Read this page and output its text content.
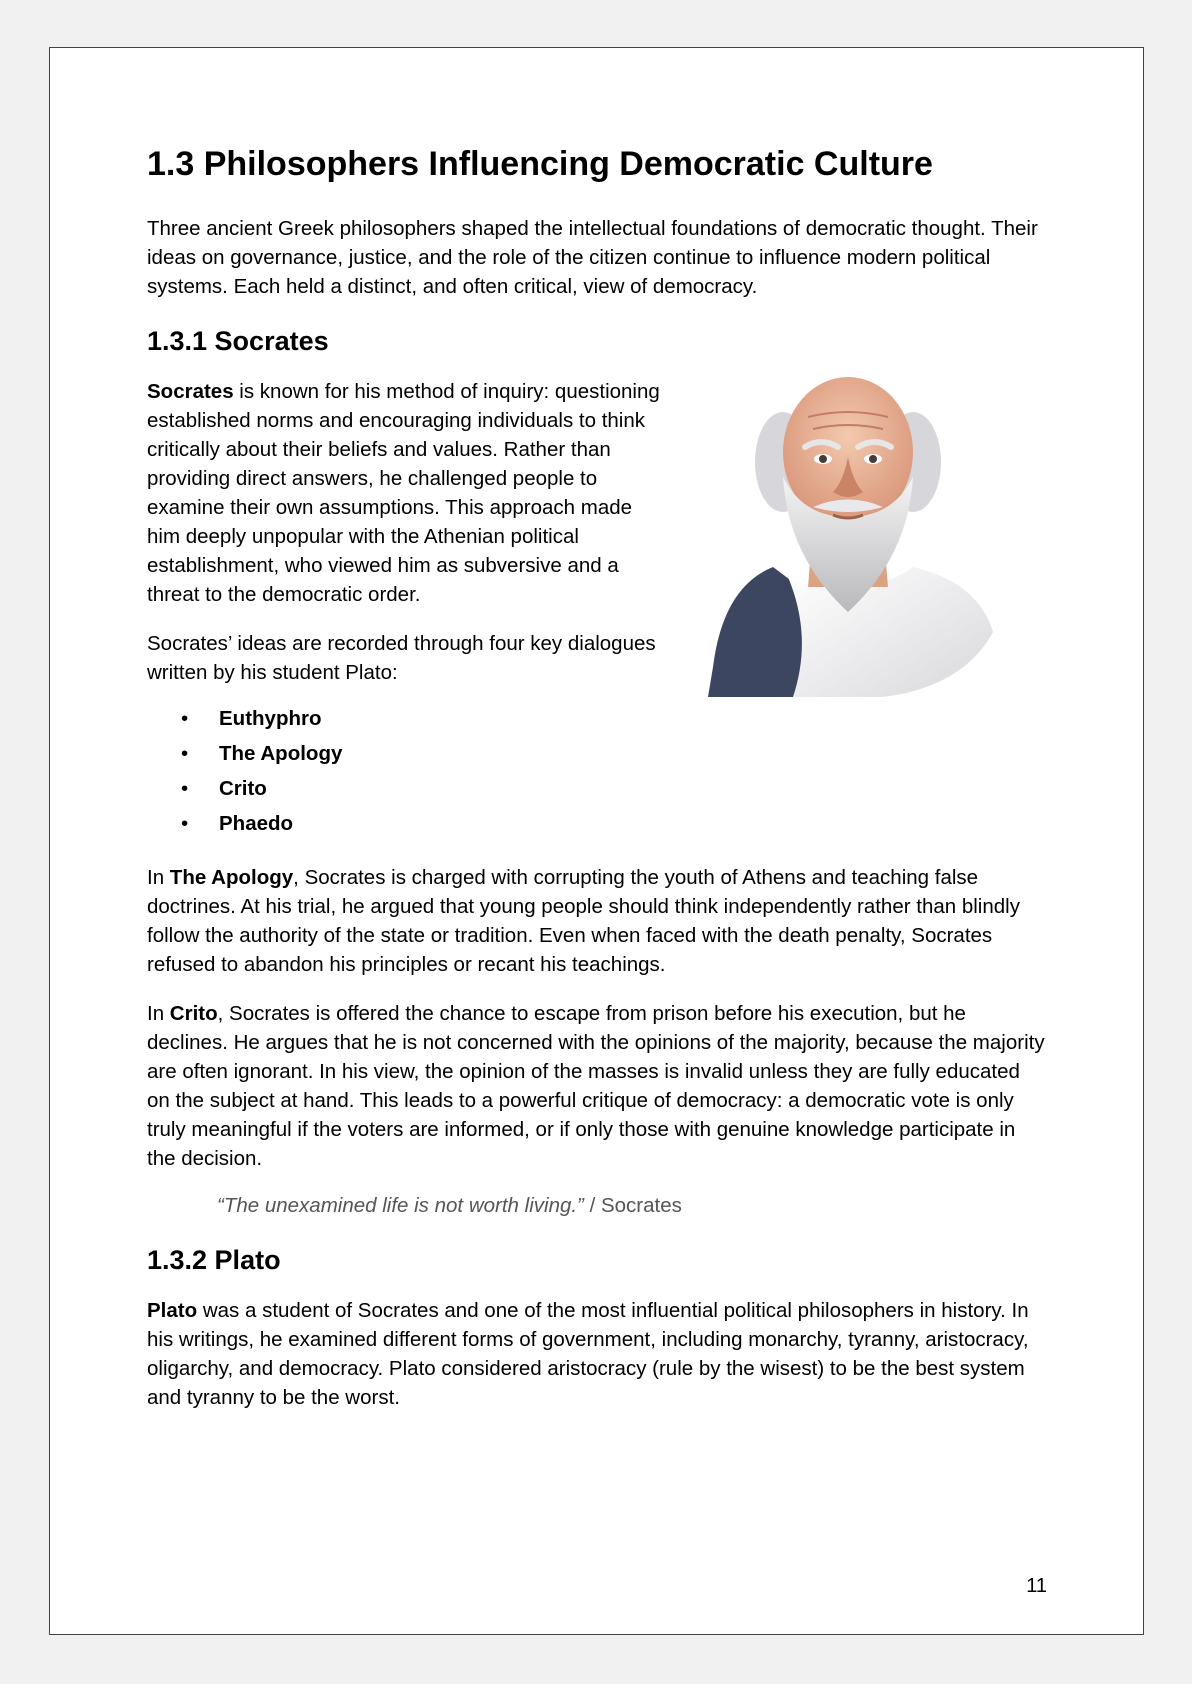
1.3 Philosophers Influencing Democratic Culture

Three ancient Greek philosophers shaped the intellectual foundations of democratic thought. Their ideas on governance, justice, and the role of the citizen continue to influence modern political systems. Each held a distinct, and often critical, view of democracy.

1.3.1 Socrates

Socrates is known for his method of inquiry: questioning established norms and encouraging individuals to think critically about their beliefs and values. Rather than providing direct answers, he challenged people to examine their own assumptions. This approach made him deeply unpopular with the Athenian political establishment, who viewed him as subversive and a threat to the democratic order.

Socrates’ ideas are recorded through four key dialogues written by his student Plato:

• Euthyphro
• The Apology
• Crito
• Phaedo

In The Apology, Socrates is charged with corrupting the youth of Athens and teaching false doctrines. At his trial, he argued that young people should think independently rather than blindly follow the authority of the state or tradition. Even when faced with the death penalty, Socrates refused to abandon his principles or recant his teachings.

In Crito, Socrates is offered the chance to escape from prison before his execution, but he declines. He argues that he is not concerned with the opinions of the majority, because the majority are often ignorant. In his view, the opinion of the masses is invalid unless they are fully educated on the subject at hand. This leads to a powerful critique of democracy: a democratic vote is only truly meaningful if the voters are informed, or if only those with genuine knowledge participate in the decision.

“The unexamined life is not worth living.” / Socrates
1.3.2 Plato

Plato was a student of Socrates and one of the most influential political philosophers in history. In his writings, he examined different forms of government, including monarchy, tyranny, aristocracy, oligarchy, and democracy. Plato considered aristocracy (rule by the wisest) to be the best system and tyranny to be the worst.

11
